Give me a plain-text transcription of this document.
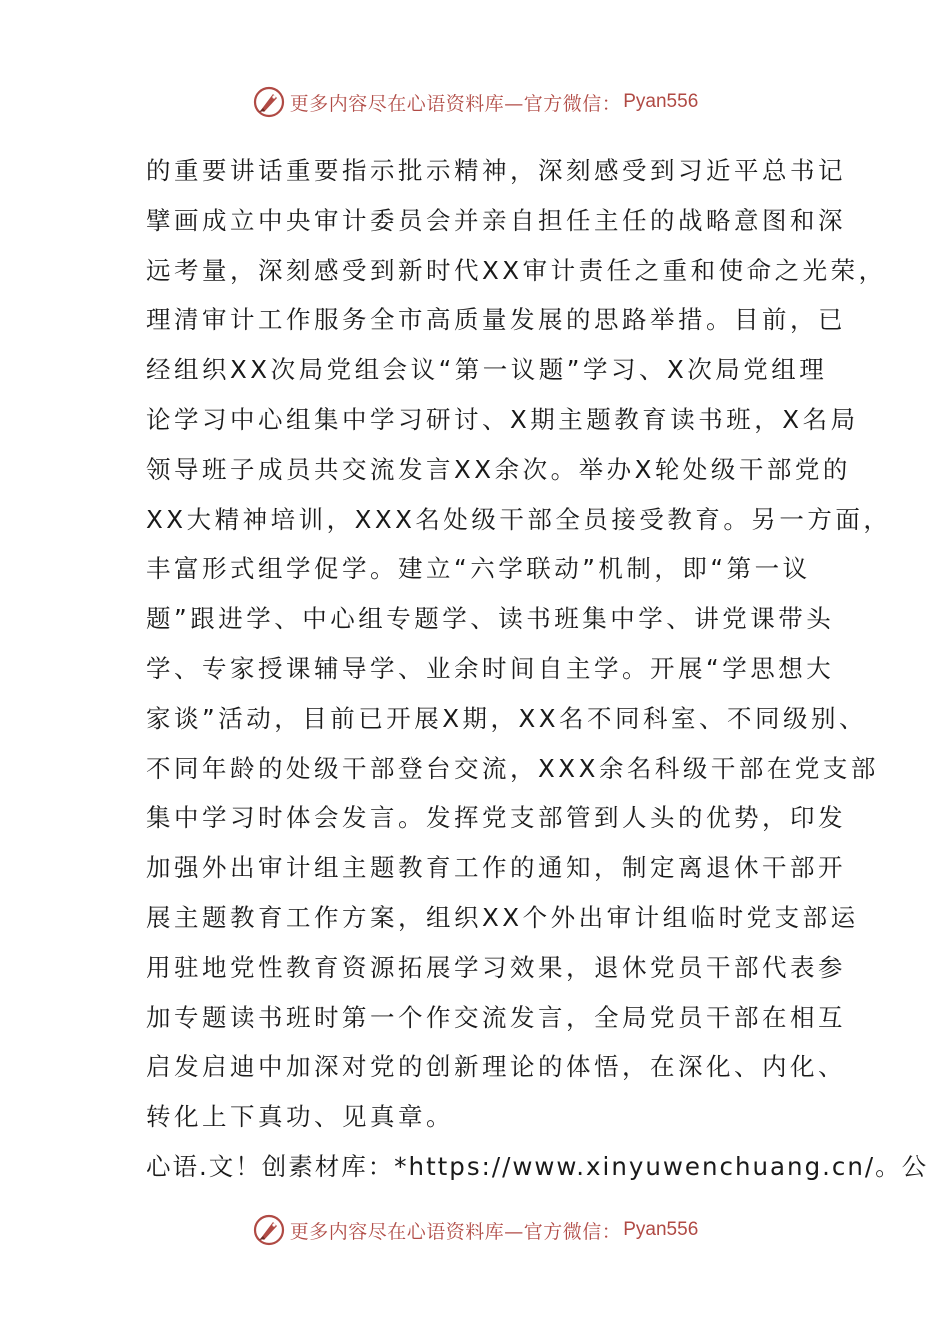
更多内容尽在心语资料库—官方微信： Pyan556
的重要讲话重要指示批示精神，深刻感受到习近平总书记
擘画成立中央审计委员会并亲自担任主任的战略意图和深
远考量，深刻感受到新时代XX审计责任之重和使命之光荣，
理清审计工作服务全市高质量发展的思路举措。目前，已
经组织XX次局党组会议“第一议题”学习、X次局党组理
论学习中心组集中学习研讨、X期主题教育读书班，X名局
领导班子成员共交流发言XX余次。举办X轮处级干部党的
XX大精神培训，XXX名处级干部全员接受教育。另一方面，
丰富形式组学促学。建立“六学联动”机制，即“第一议
题”跟进学、中心组专题学、读书班集中学、讲党课带头
学、专家授课辅导学、业余时间自主学。开展“学思想大
家谈”活动，目前已开展X期，XX名不同科室、不同级别、
不同年龄的处级干部登台交流，XXX余名科级干部在党支部
集中学习时体会发言。发挥党支部管到人头的优势，印发
加强外出审计组主题教育工作的通知，制定离退休干部开
展主题教育工作方案，组织XX个外出审计组临时党支部运
用驻地党性教育资源拓展学习效果，退休党员干部代表参
加专题读书班时第一个作交流发言，全局党员干部在相互
启发启迪中加深对党的创新理论的体悟，在深化、内化、
转化上下真功、见真章。
心语.文！创素材库：*https://www.xinyuwenchuang.cn/。公
更多内容尽在心语资料库—官方微信： Pyan556
